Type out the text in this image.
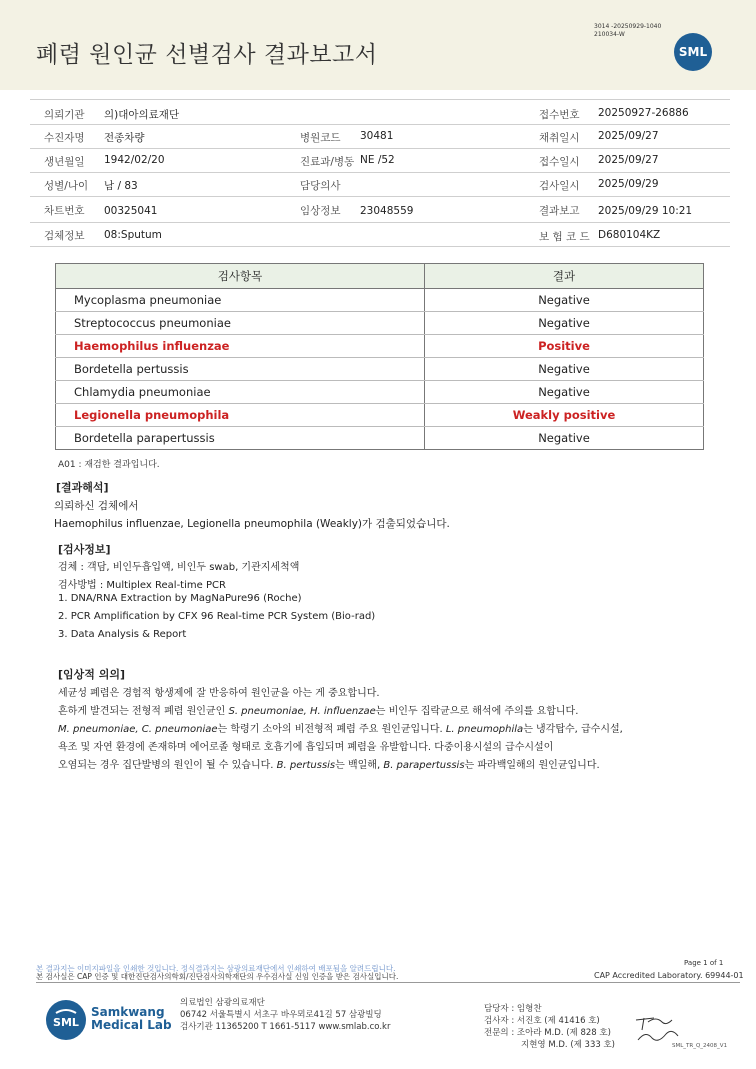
폐렴 원인균 선별검사 결과보고서
3014 -20250929-1040
210034-W
SML
의뢰기관 의)대아의료재단	접수번호 20250927-26886
수진자명 전종차량	병원코드 30481	채취일시 2025/09/27
생년월일 1942/02/20	진료과/병동 NE /52	접수일시 2025/09/27
성별/나이 남 / 83	담당의사	검사일시 2025/09/29
차트번호 00325041	임상정보 23048559	결과보고 2025/09/29 10:21
검체정보 08:Sputum	보 험 코 드 D680104KZ
검사항목	결과
Mycoplasma pneumoniae	Negative
Streptococcus pneumoniae	Negative
Haemophilus influenzae	Positive
Bordetella pertussis	Negative
Chlamydia pneumoniae	Negative
Legionella pneumophila	Weakly positive
Bordetella parapertussis	Negative
A01 : 재검한 결과입니다.
[결과해석]
의뢰하신 검체에서
Haemophilus influenzae, Legionella pneumophila (Weakly)가 검출되었습니다.
[검사정보]
검체 : 객담, 비인두흡입액, 비인두 swab, 기관지세척액
검사방법 : Multiplex Real-time PCR
1. DNA/RNA Extraction by MagNaPure96 (Roche)
2. PCR Amplification by CFX 96 Real-time PCR System (Bio-rad)
3. Data Analysis & Report
[임상적 의의]
세균성 폐렴은 경험적 항생제에 잘 반응하여 원인균을 아는 게 중요합니다.
흔하게 발견되는 전형적 폐렴 원인균인 S. pneumoniae, H. influenzae는 비인두 집락균으로 해석에 주의를 요합니다.
M. pneumoniae, C. pneumoniae는 학령기 소아의 비전형적 폐렴 주요 원인균입니다. L. pneumophila는 냉각탑수, 급수시설,
욕조 및 자연 환경에 존재하며 에어로졸 형태로 호흡기에 흡입되며 폐렴을 유발합니다. 다중이용시설의 급수시설이
오염되는 경우 집단발병의 원인이 될 수 있습니다. B. pertussis는 백일해, B. parapertussis는 파라백일해의 원인균입니다.
Page 1 of 1
본 결과지는 이미지파일을 인쇄한 것입니다. 정식결과지는 삼광의료재단에서 인쇄하여 배포됨을 알려드립니다.
본 검사실은 CAP 인증 및 대한진단검사의학회/진단검사의학재단의 우수검사실 신임 인증을 받은 검사실입니다.	CAP Accredited Laboratory. 69944-01
SML
Samkwang
Medical Lab
의료법인 삼광의료재단
06742 서울특별시 서초구 바우뫼로41길 57 삼광빌딩
검사기관 11365200 T 1661-5117 www.smlab.co.kr
담당자 : 임형찬
검사자 : 서진호 (제 41416 호)
전문의 : 조아라 M.D. (제 828 호)
지현영 M.D. (제 333 호)	SML_TR_Q_2408_V1
